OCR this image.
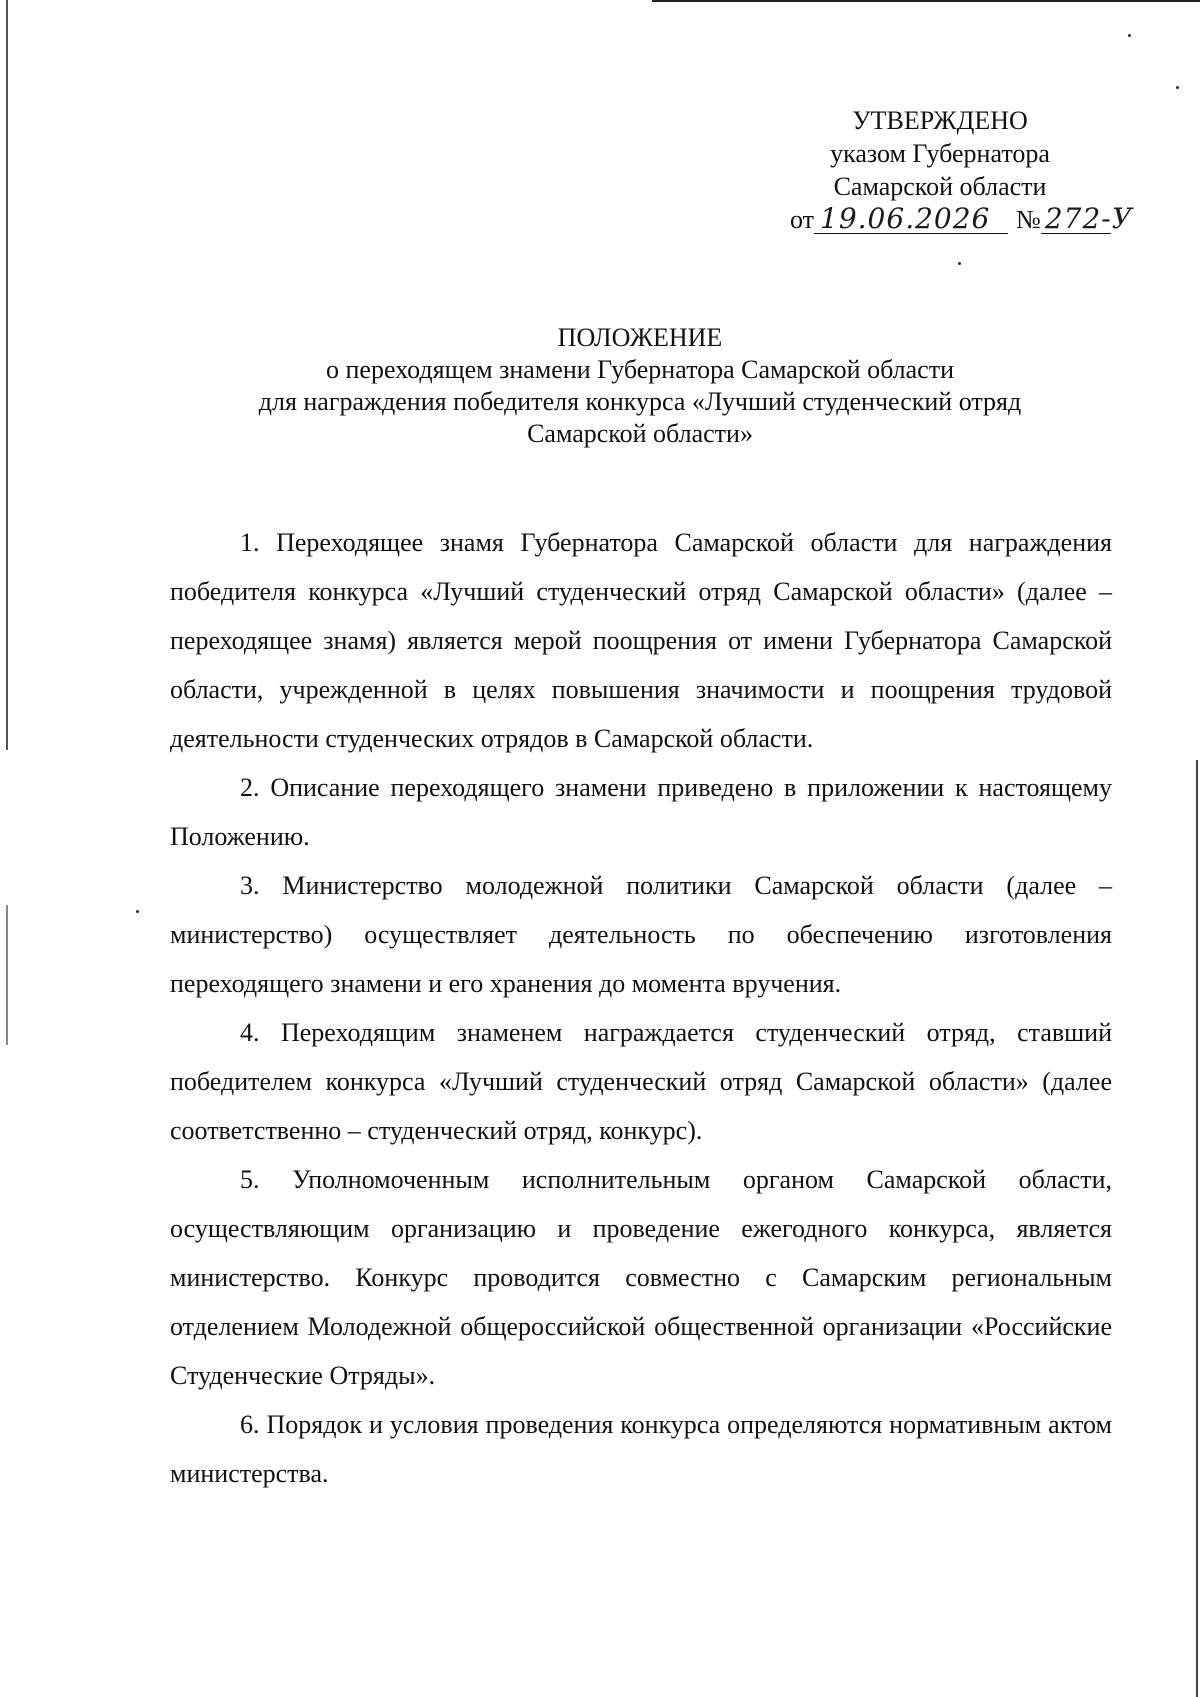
УТВЕРЖДЕНО
указом Губернатора
Самарской области
от 19.06.2026 № 272-У
ПОЛОЖЕНИЕ
о переходящем знамени Губернатора Самарской области
для награждения победителя конкурса «Лучший студенческий отряд
Самарской области»

1. Переходящее знамя Губернатора Самарской области для награждения победителя конкурса «Лучший студенческий отряд Самарской области» (далее – переходящее знамя) является мерой поощрения от имени Губернатора Самарской области, учрежденной в целях повышения значимости и поощрения трудовой деятельности студенческих отрядов в Самарской области.

2. Описание переходящего знамени приведено в приложении к настоящему Положению.

3. Министерство молодежной политики Самарской области (далее – министерство) осуществляет деятельность по обеспечению изготовления переходящего знамени и его хранения до момента вручения.

4. Переходящим знаменем награждается студенческий отряд, ставший победителем конкурса «Лучший студенческий отряд Самарской области» (далее соответственно – студенческий отряд, конкурс).

5. Уполномоченным исполнительным органом Самарской области, осуществляющим организацию и проведение ежегодного конкурса, является министерство. Конкурс проводится совместно с Самарским региональным отделением Молодежной общероссийской общественной организации «Российские Студенческие Отряды».

6. Порядок и условия проведения конкурса определяются нормативным актом министерства.
